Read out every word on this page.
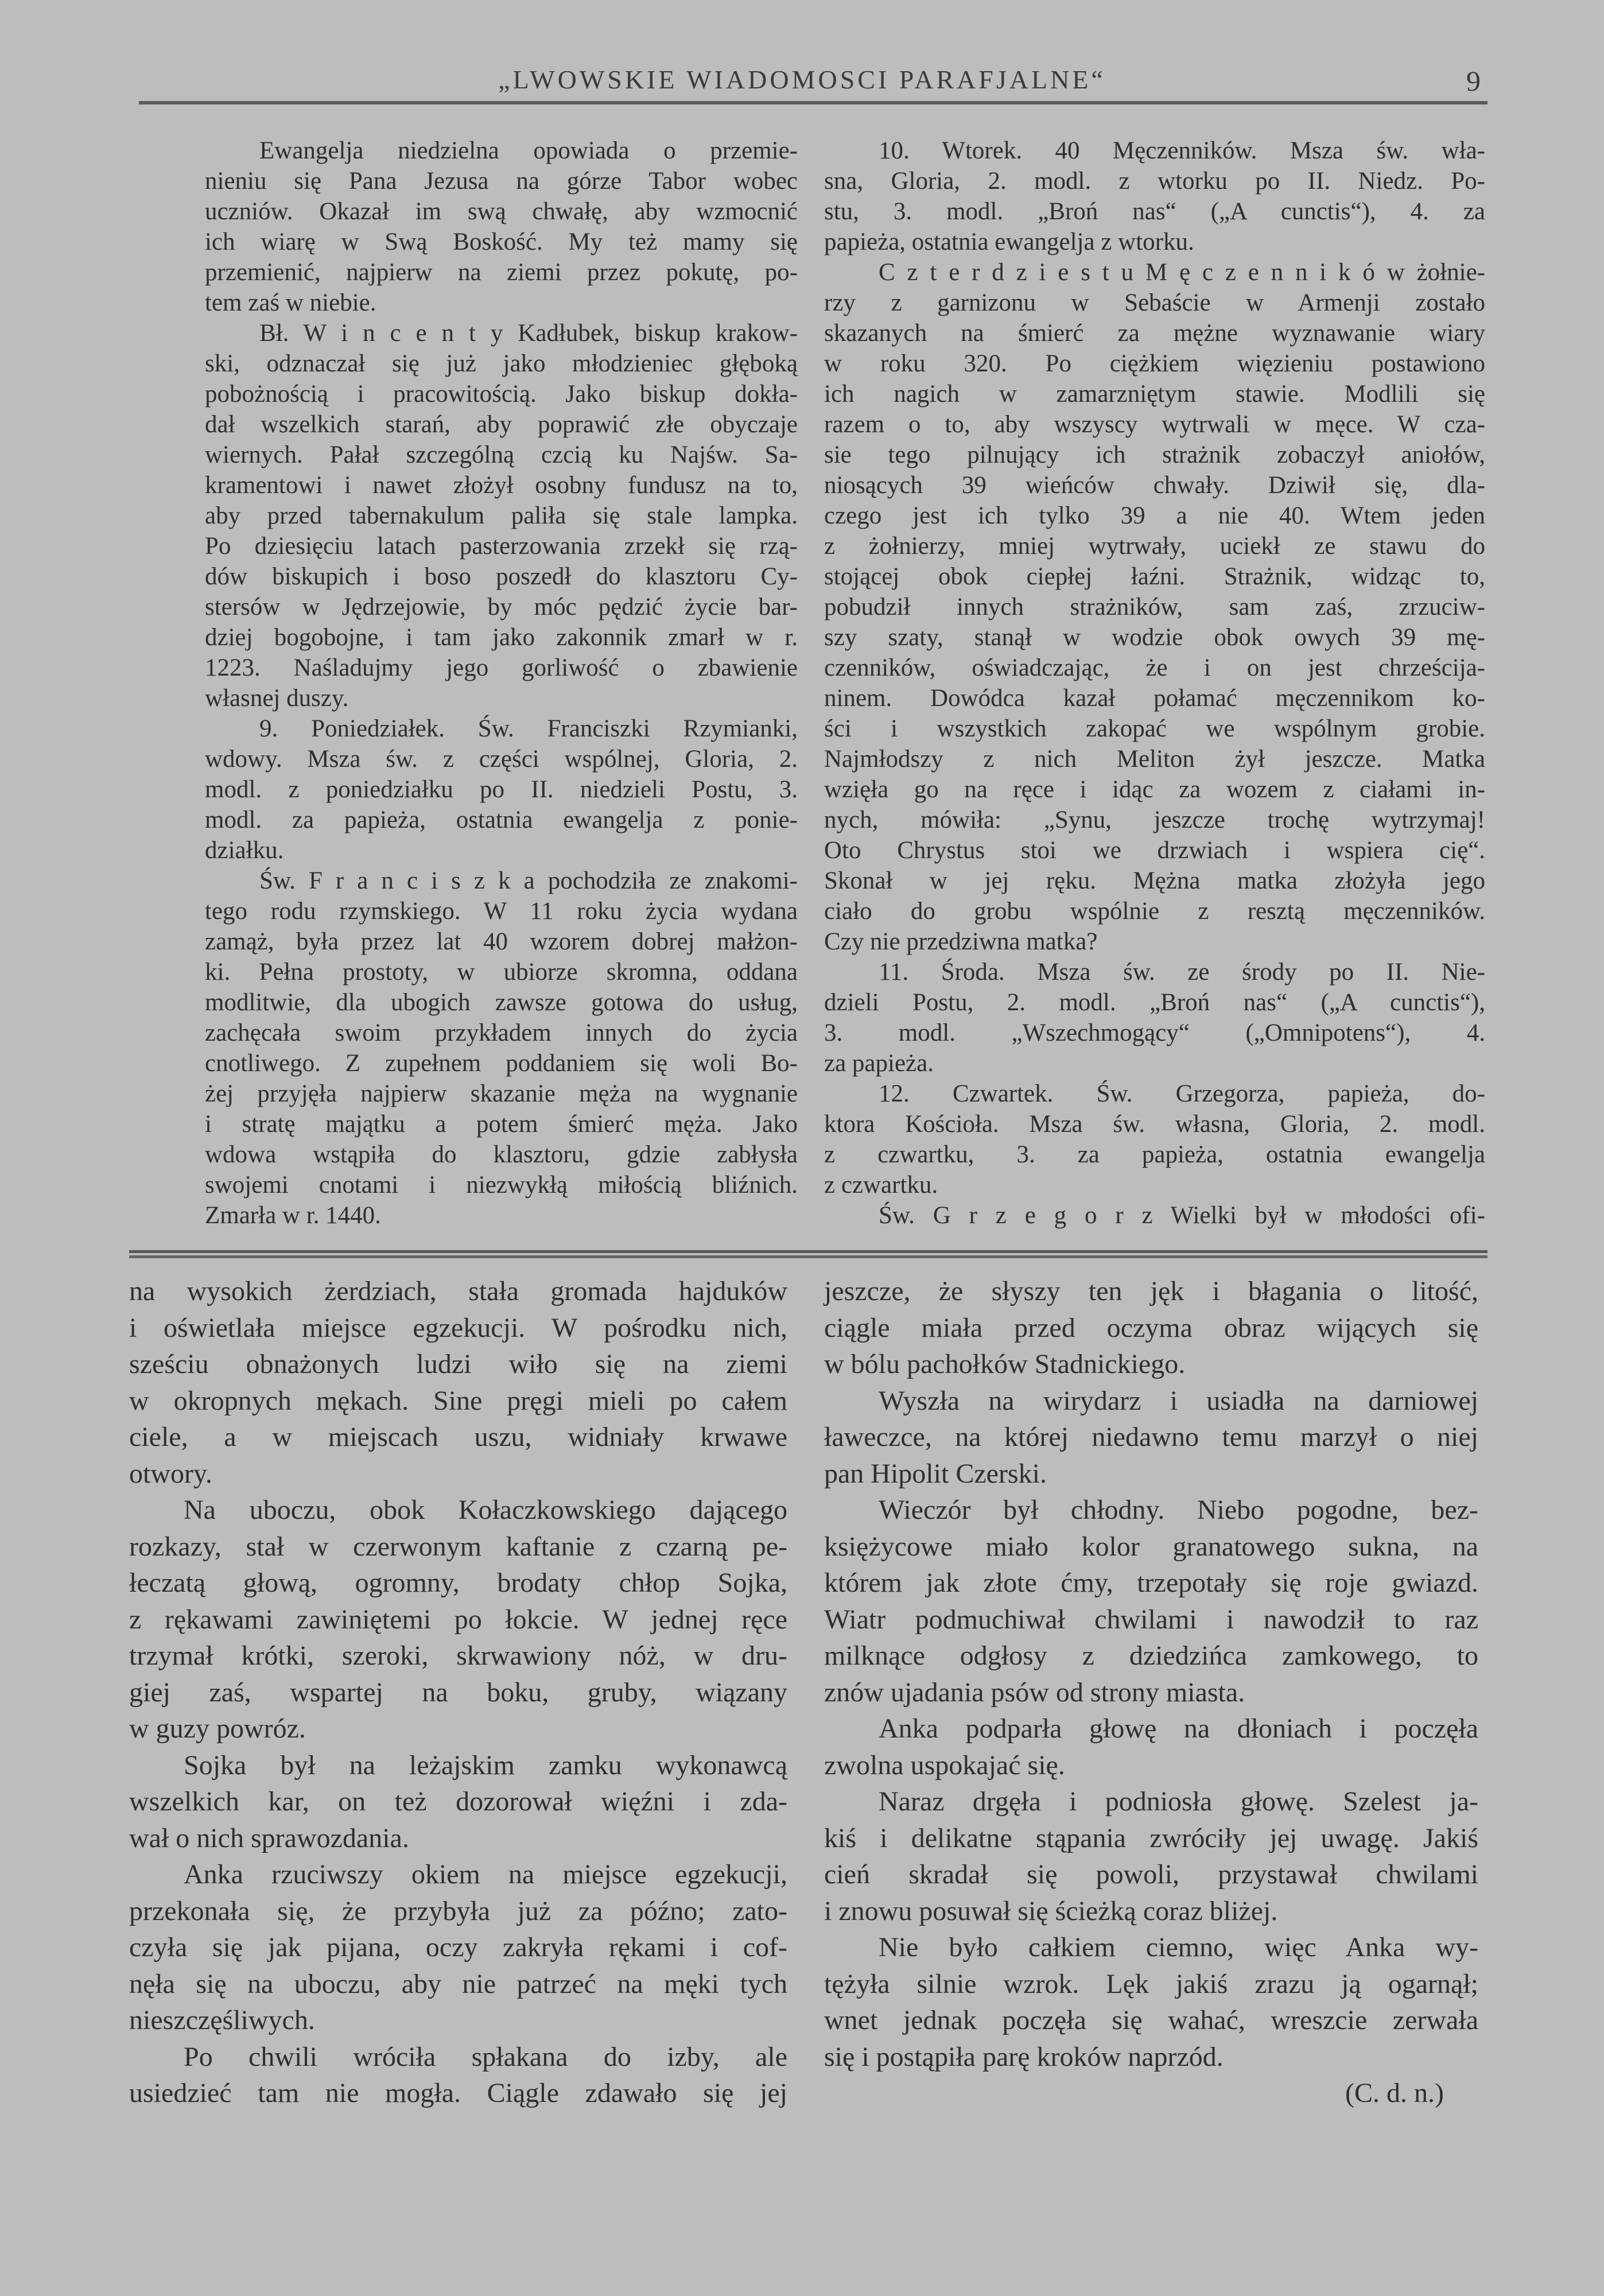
„LWOWSKIE WIADOMOSCI PARAFJALNE“	9
Ewangelja niedzielna opowiada o przemie-
nieniu się Pana Jezusa na górze Tabor wobec
uczniów. Okazał im swą chwałę, aby wzmocnić
ich wiarę w Swą Boskość. My też mamy się
przemienić, najpierw na ziemi przez pokutę, po-
tem zaś w niebie.
Bł. W i n c e n t y Kadłubek, biskup krakow-
ski, odznaczał się już jako młodzieniec głęboką
pobożnością i pracowitością. Jako biskup dokła-
dał wszelkich starań, aby poprawić złe obyczaje
wiernych. Pałał szczególną czcią ku Najśw. Sa-
kramentowi i nawet złożył osobny fundusz na to,
aby przed tabernakulum paliła się stale lampka.
Po dziesięciu latach pasterzowania zrzekł się rzą-
dów biskupich i boso poszedł do klasztoru Cy-
stersów w Jędrzejowie, by móc pędzić życie bar-
dziej bogobojne, i tam jako zakonnik zmarł w r.
1223. Naśladujmy jego gorliwość o zbawienie
własnej duszy.
9. Poniedziałek. Św. Franciszki Rzymianki,
wdowy. Msza św. z części wspólnej, Gloria, 2.
modl. z poniedziałku po II. niedzieli Postu, 3.
modl. za papieża, ostatnia ewangelja z ponie-
działku.
Św. F r a n c i s z k a pochodziła ze znakomi-
tego rodu rzymskiego. W 11 roku życia wydana
zamąż, była przez lat 40 wzorem dobrej małżon-
ki. Pełna prostoty, w ubiorze skromna, oddana
modlitwie, dla ubogich zawsze gotowa do usług,
zachęcała swoim przykładem innych do życia
cnotliwego. Z zupełnem poddaniem się woli Bo-
żej przyjęła najpierw skazanie męża na wygnanie
i stratę majątku a potem śmierć męża. Jako
wdowa wstąpiła do klasztoru, gdzie zabłysła
swojemi cnotami i niezwykłą miłością bliźnich.
Zmarła w r. 1440.
10. Wtorek. 40 Męczenników. Msza św. wła-
sna, Gloria, 2. modl. z wtorku po II. Niedz. Po-
stu, 3. modl. „Broń nas“ („A cunctis“), 4. za
papieża, ostatnia ewangelja z wtorku.
C z t e r d z i e s t u M ę c z e n n i k ó w żołnie-
rzy z garnizonu w Sebaście w Armenji zostało
skazanych na śmierć za mężne wyznawanie wiary
w roku 320. Po ciężkiem więzieniu postawiono
ich nagich w zamarzniętym stawie. Modlili się
razem o to, aby wszyscy wytrwali w męce. W cza-
sie tego pilnujący ich strażnik zobaczył aniołów,
niosących 39 wieńców chwały. Dziwił się, dla-
czego jest ich tylko 39 a nie 40. Wtem jeden
z żołnierzy, mniej wytrwały, uciekł ze stawu do
stojącej obok ciepłej łaźni. Strażnik, widząc to,
pobudził innych strażników, sam zaś, zrzuciw-
szy szaty, stanął w wodzie obok owych 39 mę-
czenników, oświadczając, że i on jest chrześcija-
ninem. Dowódca kazał połamać męczennikom ko-
ści i wszystkich zakopać we wspólnym grobie.
Najmłodszy z nich Meliton żył jeszcze. Matka
wzięła go na ręce i idąc za wozem z ciałami in-
nych, mówiła: „Synu, jeszcze trochę wytrzymaj!
Oto Chrystus stoi we drzwiach i wspiera cię“.
Skonał w jej ręku. Mężna matka złożyła jego
ciało do grobu wspólnie z resztą męczenników.
Czy nie przedziwna matka?
11. Środa. Msza św. ze środy po II. Nie-
dzieli Postu, 2. modl. „Broń nas“ („A cunctis“),
3. modl. „Wszechmogący“ („Omnipotens“), 4.
za papieża.
12. Czwartek. Św. Grzegorza, papieża, do-
ktora Kościoła. Msza św. własna, Gloria, 2. modl.
z czwartku, 3. za papieża, ostatnia ewangelja
z czwartku.
Św. G r z e g o r z Wielki był w młodości ofi-
na wysokich żerdziach, stała gromada hajduków
i oświetlała miejsce egzekucji. W pośrodku nich,
sześciu obnażonych ludzi wiło się na ziemi
w okropnych mękach. Sine pręgi mieli po całem
ciele, a w miejscach uszu, widniały krwawe
otwory.
Na uboczu, obok Kołaczkowskiego dającego
rozkazy, stał w czerwonym kaftanie z czarną pe-
łeczatą głową, ogromny, brodaty chłop Sojka,
z rękawami zawiniętemi po łokcie. W jednej ręce
trzymał krótki, szeroki, skrwawiony nóż, w dru-
giej zaś, wspartej na boku, gruby, wiązany
w guzy powróz.
Sojka był na leżajskim zamku wykonawcą
wszelkich kar, on też dozorował więźni i zda-
wał o nich sprawozdania.
Anka rzuciwszy okiem na miejsce egzekucji,
przekonała się, że przybyła już za późno; zato-
czyła się jak pijana, oczy zakryła rękami i cof-
nęła się na uboczu, aby nie patrzeć na męki tych
nieszczęśliwych.
Po chwili wróciła spłakana do izby, ale
usiedzieć tam nie mogła. Ciągle zdawało się jej
jeszcze, że słyszy ten jęk i błagania o litość,
ciągle miała przed oczyma obraz wijących się
w bólu pachołków Stadnickiego.
Wyszła na wirydarz i usiadła na darniowej
ławeczce, na której niedawno temu marzył o niej
pan Hipolit Czerski.
Wieczór był chłodny. Niebo pogodne, bez-
księżycowe miało kolor granatowego sukna, na
którem jak złote ćmy, trzepotały się roje gwiazd.
Wiatr podmuchiwał chwilami i nawodził to raz
milknące odgłosy z dziedzińca zamkowego, to
znów ujadania psów od strony miasta.
Anka podparła głowę na dłoniach i poczęła
zwolna uspokajać się.
Naraz drgęła i podniosła głowę. Szelest ja-
kiś i delikatne stąpania zwróciły jej uwagę. Jakiś
cień skradał się powoli, przystawał chwilami
i znowu posuwał się ścieżką coraz bliżej.
Nie było całkiem ciemno, więc Anka wy-
tężyła silnie wzrok. Lęk jakiś zrazu ją ogarnął;
wnet jednak poczęła się wahać, wreszcie zerwała
się i postąpiła parę kroków naprzód.
(C. d. n.)
